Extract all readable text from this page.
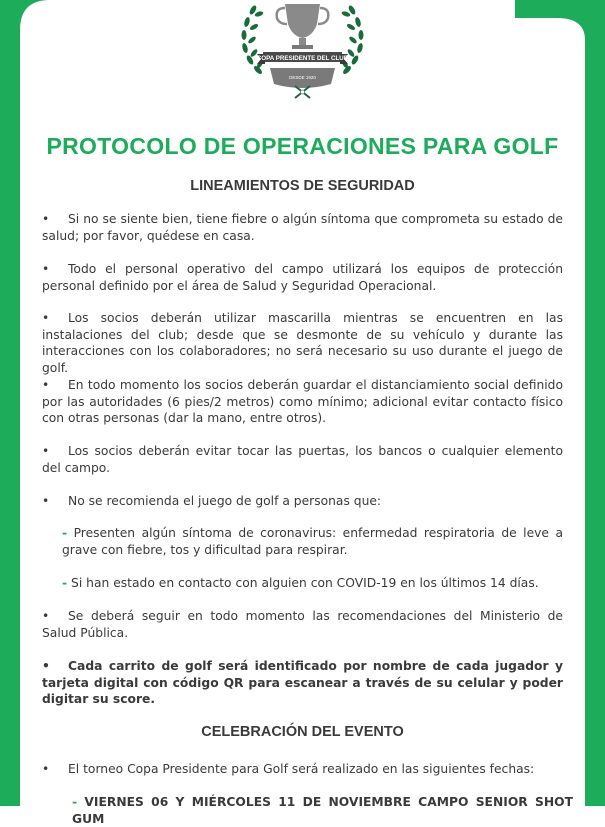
COPA PRESIDENTE DEL CLUB
DESDE 1920
PROTOCOLO DE OPERACIONES PARA GOLF
LINEAMIENTOS DE SEGURIDAD
• Si no se siente bien, tiene fiebre o algún síntoma que comprometa su estado de salud; por favor, quédese en casa.
• Todo el personal operativo del campo utilizará los equipos de protección personal definido por el área de Salud y Seguridad Operacional.
• Los socios deberán utilizar mascarilla mientras se encuentren en las instalaciones del club; desde que se desmonte de su vehículo y durante las interacciones con los colaboradores; no será necesario su uso durante el juego de golf.
• En todo momento los socios deberán guardar el distanciamiento social definido por las autoridades (6 pies/2 metros) como mínimo; adicional evitar contacto físico con otras personas (dar la mano, entre otros).
• Los socios deberán evitar tocar las puertas, los bancos o cualquier elemento del campo.
• No se recomienda el juego de golf a personas que:
- Presenten algún síntoma de coronavirus: enfermedad respiratoria de leve a grave con fiebre, tos y dificultad para respirar.
- Si han estado en contacto con alguien con COVID-19 en los últimos 14 días.
• Se deberá seguir en todo momento las recomendaciones del Ministerio de Salud Pública.
• Cada carrito de golf será identificado por nombre de cada jugador y tarjeta digital con código QR para escanear a través de su celular y poder digitar su score.
CELEBRACIÓN DEL EVENTO
• El torneo Copa Presidente para Golf será realizado en las siguientes fechas:
- VIERNES 06 Y MIÉRCOLES 11 DE NOVIEMBRE CAMPO SENIOR SHOT GUM
